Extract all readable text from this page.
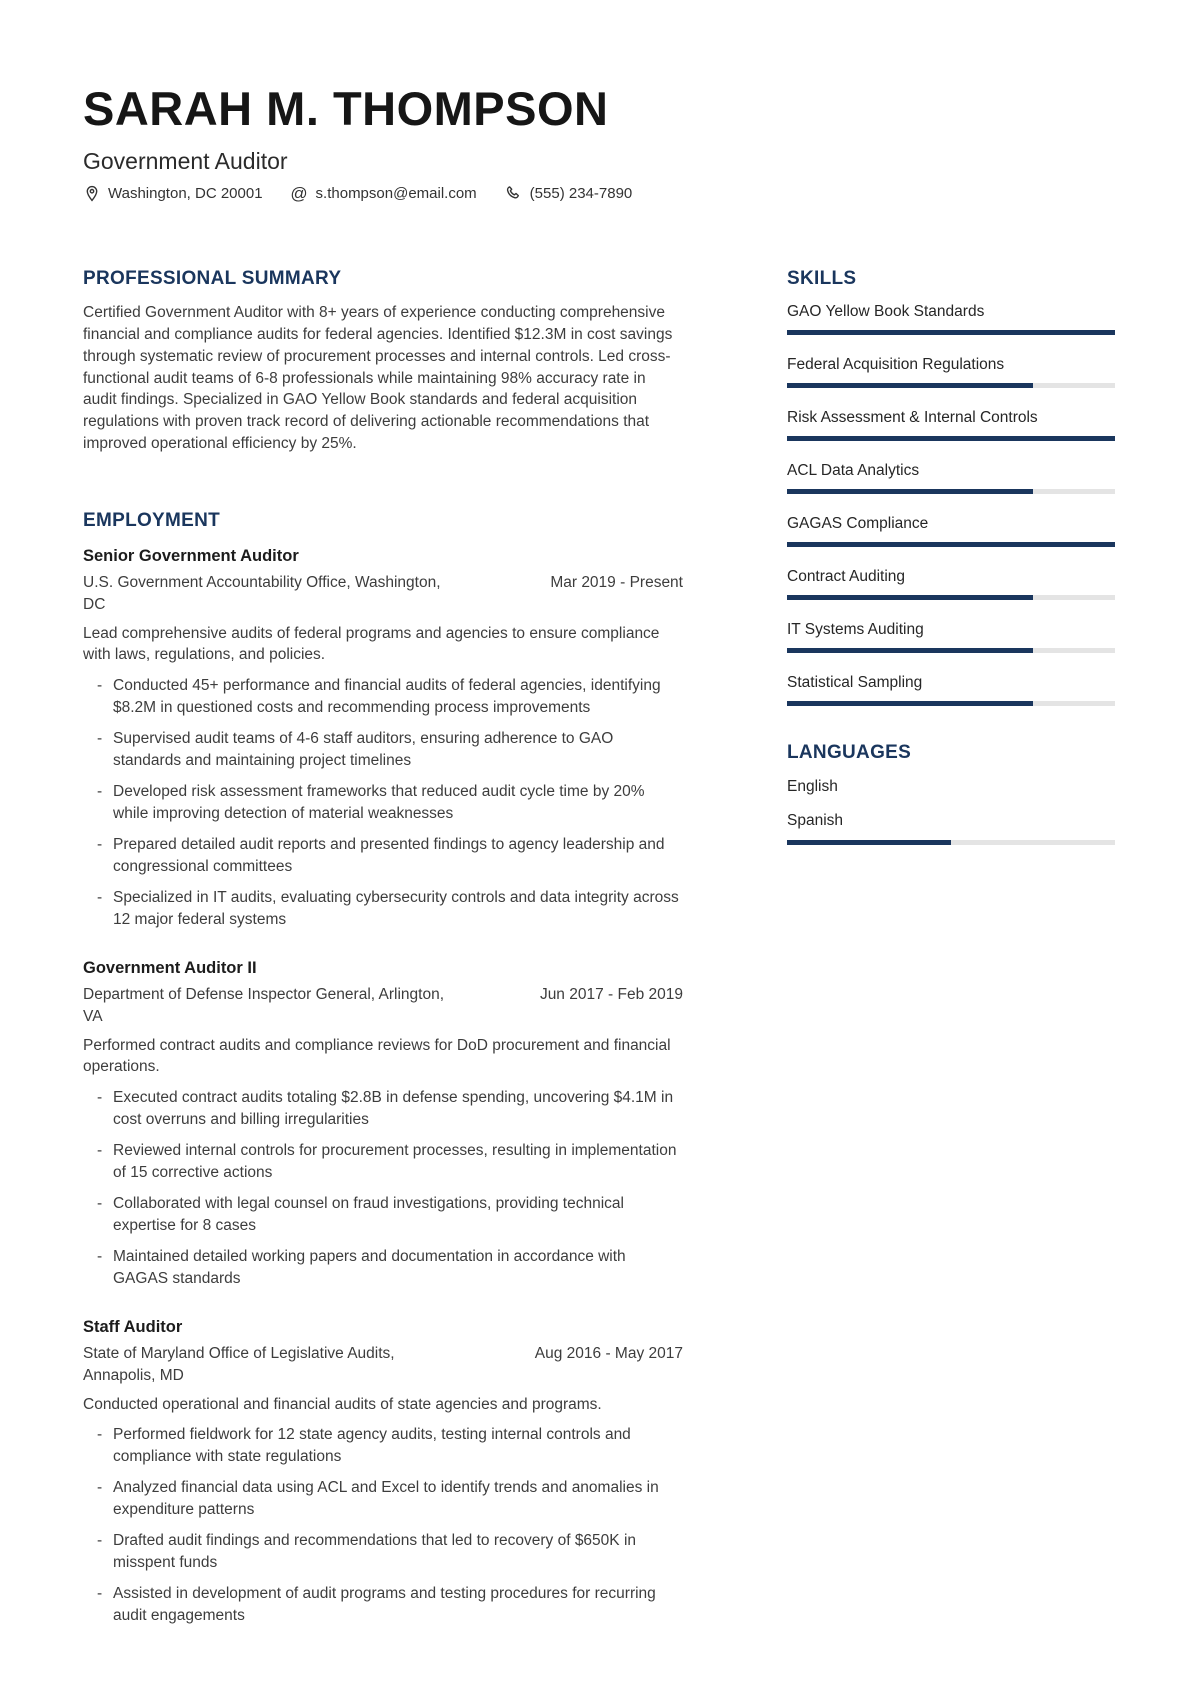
SARAH M. THOMPSON
Government Auditor
Washington, DC 20001 @ s.thompson@email.com	(555) 234-7890
PROFESSIONAL SUMMARY

Certified Government Auditor with 8+ years of experience conducting comprehensive financial and compliance audits for federal agencies. Identified $12.3M in cost savings through systematic review of procurement processes and internal controls. Led cross-functional audit teams of 6-8 professionals while maintaining 98% accuracy rate in audit findings. Specialized in GAO Yellow Book standards and federal acquisition regulations with proven track record of delivering actionable recommendations that improved operational efficiency by 25%.

EMPLOYMENT
Senior Government Auditor
U.S. Government Accountability Office, Washington, DC
Mar 2019 - Present

Lead comprehensive audits of federal programs and agencies to ensure compliance with laws, regulations, and policies.

- Conducted 45+ performance and financial audits of federal agencies, identifying $8.2M in questioned costs and recommending process improvements
- Supervised audit teams of 4-6 staff auditors, ensuring adherence to GAO standards and maintaining project timelines
- Developed risk assessment frameworks that reduced audit cycle time by 20% while improving detection of material weaknesses
- Prepared detailed audit reports and presented findings to agency leadership and congressional committees
- Specialized in IT audits, evaluating cybersecurity controls and data integrity across 12 major federal systems
Government Auditor II
Department of Defense Inspector General, Arlington, VA
Jun 2017 - Feb 2019

Performed contract audits and compliance reviews for DoD procurement and financial operations.

- Executed contract audits totaling $2.8B in defense spending, uncovering $4.1M in cost overruns and billing irregularities
- Reviewed internal controls for procurement processes, resulting in implementation of 15 corrective actions
- Collaborated with legal counsel on fraud investigations, providing technical expertise for 8 cases
- Maintained detailed working papers and documentation in accordance with GAGAS standards
Staff Auditor
State of Maryland Office of Legislative Audits, Annapolis, MD
Aug 2016 - May 2017

Conducted operational and financial audits of state agencies and programs.

- Performed fieldwork for 12 state agency audits, testing internal controls and compliance with state regulations
- Analyzed financial data using ACL and Excel to identify trends and anomalies in expenditure patterns
- Drafted audit findings and recommendations that led to recovery of $650K in misspent funds
- Assisted in development of audit programs and testing procedures for recurring audit engagements
SKILLS
GAO Yellow Book Standards
Federal Acquisition Regulations
Risk Assessment & Internal Controls
ACL Data Analytics
GAGAS Compliance
Contract Auditing
IT Systems Auditing
Statistical Sampling
LANGUAGES
English
Spanish
